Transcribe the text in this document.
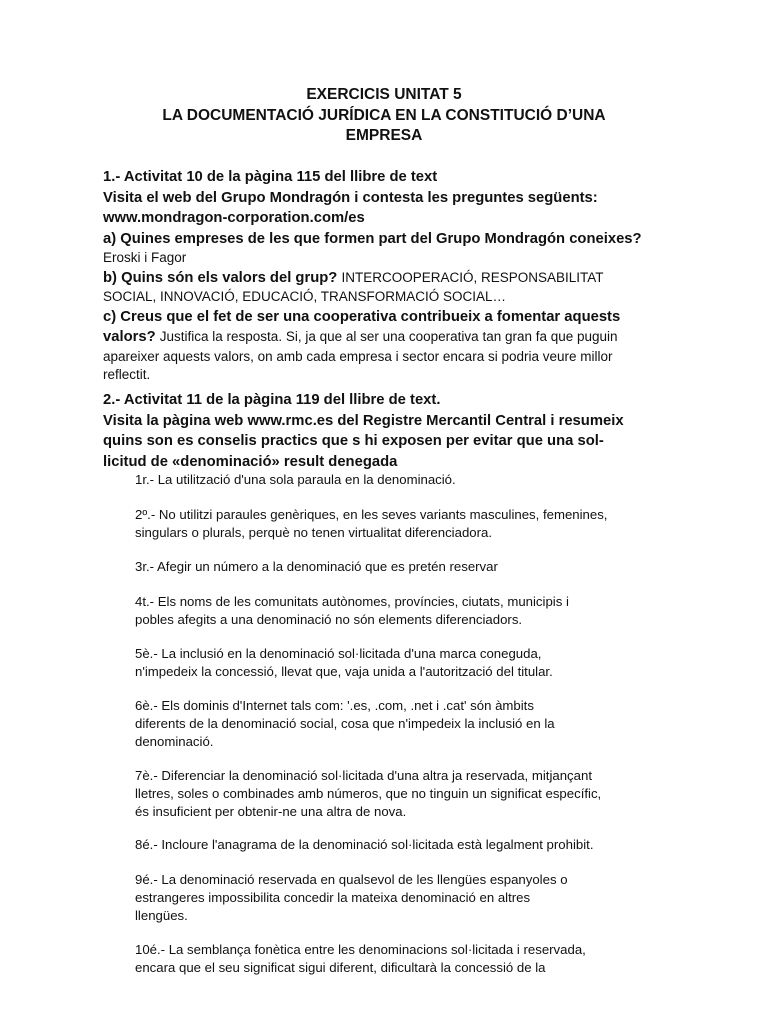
EXERCICIS UNITAT 5
LA DOCUMENTACIÓ JURÍDICA EN LA CONSTITUCIÓ D’UNA
EMPRESA
1.- Activitat 10 de la pàgina 115 del llibre de text
Visita el web del Grupo Mondragón i contesta les preguntes següents:
www.mondragon-corporation.com/es
a) Quines empreses de les que formen part del Grupo Mondragón coneixes?
Eroski i Fagor
b) Quins són els valors del grup? INTERCOOPERACIÓ, RESPONSABILITAT
SOCIAL, INNOVACIÓ, EDUCACIÓ, TRANSFORMACIÓ SOCIAL…
c) Creus que el fet de ser una cooperativa contribueix a fomentar aquests
valors? Justifica la resposta. Si, ja que al ser una cooperativa tan gran fa que puguin
apareixer aquests valors, on amb cada empresa i sector encara si podria veure millor
reflectit.
2.- Activitat 11 de la pàgina 119 del llibre de text.
Visita la pàgina web www.rmc.es del Registre Mercantil Central i resumeix
quins son es conselis practics que s hi exposen per evitar que una sol-
licitud de «denominació» result denegada
1r.- La utilització d'una sola paraula en la denominació.
2º.- No utilitzi paraules genèriques, en les seves variants masculines, femenines,
singulars o plurals, perquè no tenen virtualitat diferenciadora.
3r.- Afegir un número a la denominació que es pretén reservar
4t.- Els noms de les comunitats autònomes, províncies, ciutats, municipis i
pobles afegits a una denominació no són elements diferenciadors.
5è.- La inclusió en la denominació sol·licitada d'una marca coneguda,
n'impedeix la concessió, llevat que, vaja unida a l'autorització del titular.
6è.- Els dominis d'Internet tals com: '.es, .com, .net i .cat' són àmbits
diferents de la denominació social, cosa que n'impedeix la inclusió en la
denominació.
7è.- Diferenciar la denominació sol·licitada d'una altra ja reservada, mitjançant
lletres, soles o combinades amb números, que no tinguin un significat específic,
és insuficient per obtenir-ne una altra de nova.
8é.- Incloure l'anagrama de la denominació sol·licitada està legalment prohibit.
9é.- La denominació reservada en qualsevol de les llengües espanyoles o
estrangeres impossibilita concedir la mateixa denominació en altres
llengües.
10é.- La semblança fonètica entre les denominacions sol·licitada i reservada,
encara que el seu significat sigui diferent, dificultarà la concessió de la
